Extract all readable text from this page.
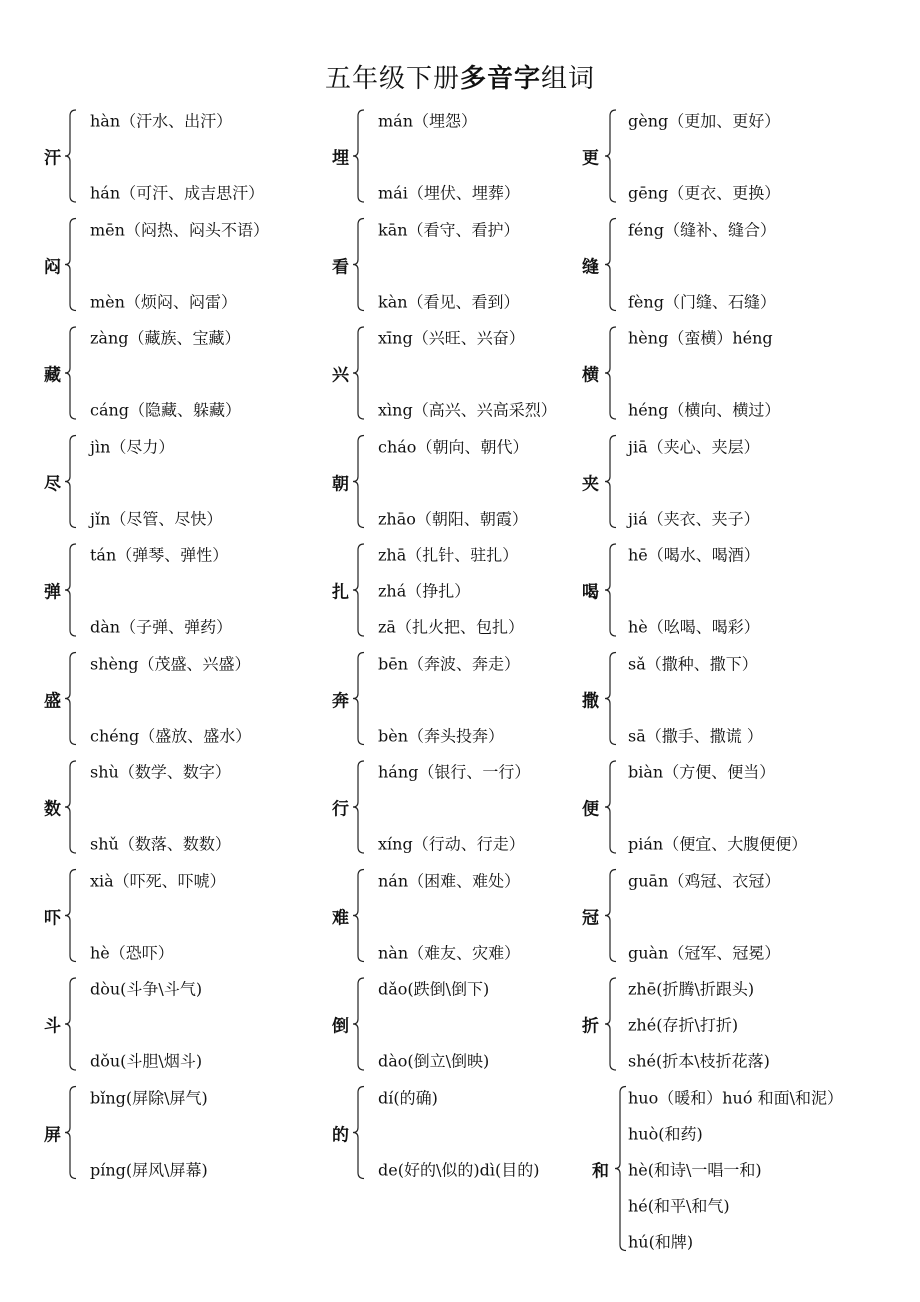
五年级下册多音字组词
汗
hàn（汗水、出汗）
hán（可汗、成吉思汗）
埋
mán（埋怨）
mái（埋伏、埋葬）
更
gèng（更加、更好）
gēng（更衣、更换）
闷
mēn（闷热、闷头不语）
mèn（烦闷、闷雷）
看
kān（看守、看护）
kàn（看见、看到）
缝
féng（缝补、缝合）
fèng（门缝、石缝）
藏
zàng（藏族、宝藏）
cáng（隐藏、躲藏）
兴
xīng（兴旺、兴奋）
xìng（高兴、兴高采烈）
横
hèng（蛮横）héng
héng（横向、横过）
尽
jìn（尽力）
jǐn（尽管、尽快）
朝
cháo（朝向、朝代）
zhāo（朝阳、朝霞）
夹
jiā（夹心、夹层）
jiá（夹衣、夹子）
弹
tán（弹琴、弹性）
dàn（子弹、弹药）
扎
zhā（扎针、驻扎）
zhá（挣扎）
zā（扎火把、包扎）
喝
hē（喝水、喝酒）
hè（吆喝、喝彩）
盛
shèng（茂盛、兴盛）
chéng（盛放、盛水）
奔
bēn（奔波、奔走）
bèn（奔头投奔）
撒
sǎ（撒种、撒下）
sā（撒手、撒谎 ）
数
shù（数学、数字）
shǔ（数落、数数）
行
háng（银行、一行）
xíng（行动、行走）
便
biàn（方便、便当）
pián（便宜、大腹便便）
吓
xià（吓死、吓唬）
hè（恐吓）
难
nán（困难、难处）
nàn（难友、灾难）
冠
guān（鸡冠、衣冠）
guàn（冠军、冠冕）
斗
dòu(斗争\斗气)
dǒu(斗胆\烟斗)
倒
dǎo(跌倒\倒下)
dào(倒立\倒映)
折
zhē(折腾\折跟头)
zhé(存折\打折)
shé(折本\枝折花落)
屏
bǐng(屏除\屏气)
píng(屏风\屏幕)
的
dí(的确)
de(好的\似的)dì(目的)	和
huo（暖和）huó 和面\和泥）
huò(和药)
hè(和诗\一唱一和)
hé(和平\和气)
hú(和牌)
